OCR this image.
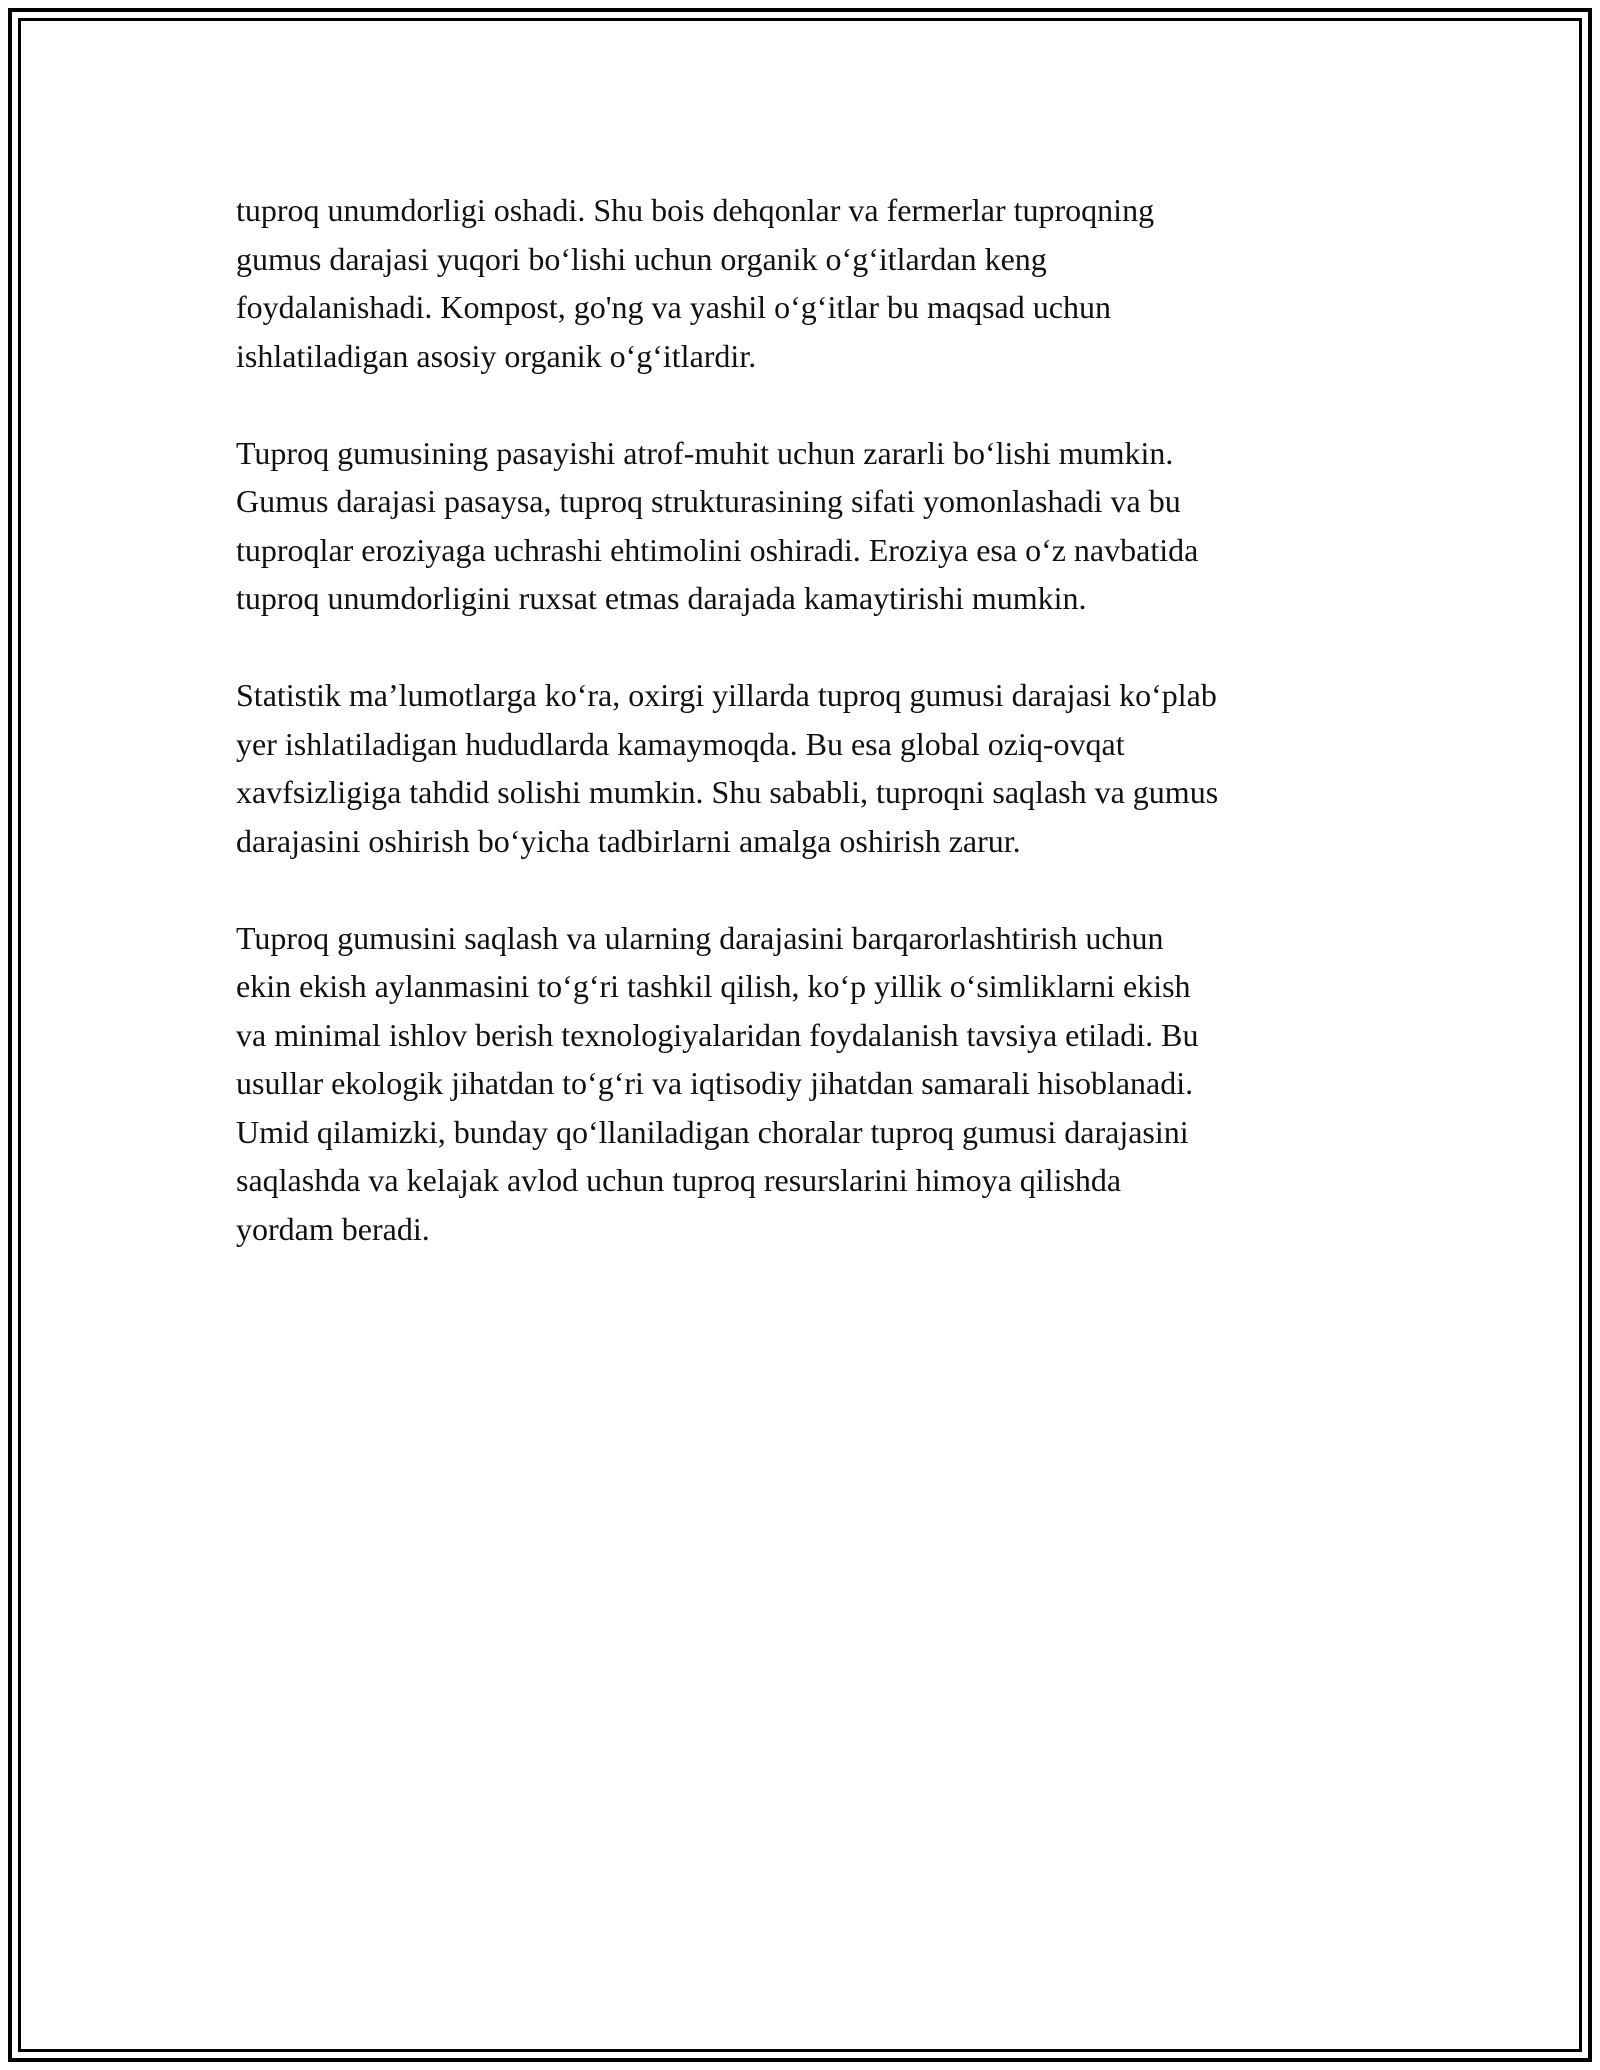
tuproq unumdorligi oshadi. Shu bois dehqonlar va fermerlar tuproqning
gumus darajasi yuqori bo‘lishi uchun organik o‘g‘itlardan keng
foydalanishadi. Kompost, go'ng va yashil o‘g‘itlar bu maqsad uchun
ishlatiladigan asosiy organik o‘g‘itlardir.

Tuproq gumusining pasayishi atrof-muhit uchun zararli bo‘lishi mumkin.
Gumus darajasi pasaysa, tuproq strukturasining sifati yomonlashadi va bu
tuproqlar eroziyaga uchrashi ehtimolini oshiradi. Eroziya esa o‘z navbatida
tuproq unumdorligini ruxsat etmas darajada kamaytirishi mumkin.

Statistik ma’lumotlarga ko‘ra, oxirgi yillarda tuproq gumusi darajasi ko‘plab
yer ishlatiladigan hududlarda kamaymoqda. Bu esa global oziq-ovqat
xavfsizligiga tahdid solishi mumkin. Shu sababli, tuproqni saqlash va gumus
darajasini oshirish bo‘yicha tadbirlarni amalga oshirish zarur.

Tuproq gumusini saqlash va ularning darajasini barqarorlashtirish uchun
ekin ekish aylanmasini to‘g‘ri tashkil qilish, ko‘p yillik o‘simliklarni ekish
va minimal ishlov berish texnologiyalaridan foydalanish tavsiya etiladi. Bu
usullar ekologik jihatdan to‘g‘ri va iqtisodiy jihatdan samarali hisoblanadi.
Umid qilamizki, bunday qo‘llaniladigan choralar tuproq gumusi darajasini
saqlashda va kelajak avlod uchun tuproq resurslarini himoya qilishda
yordam beradi.
